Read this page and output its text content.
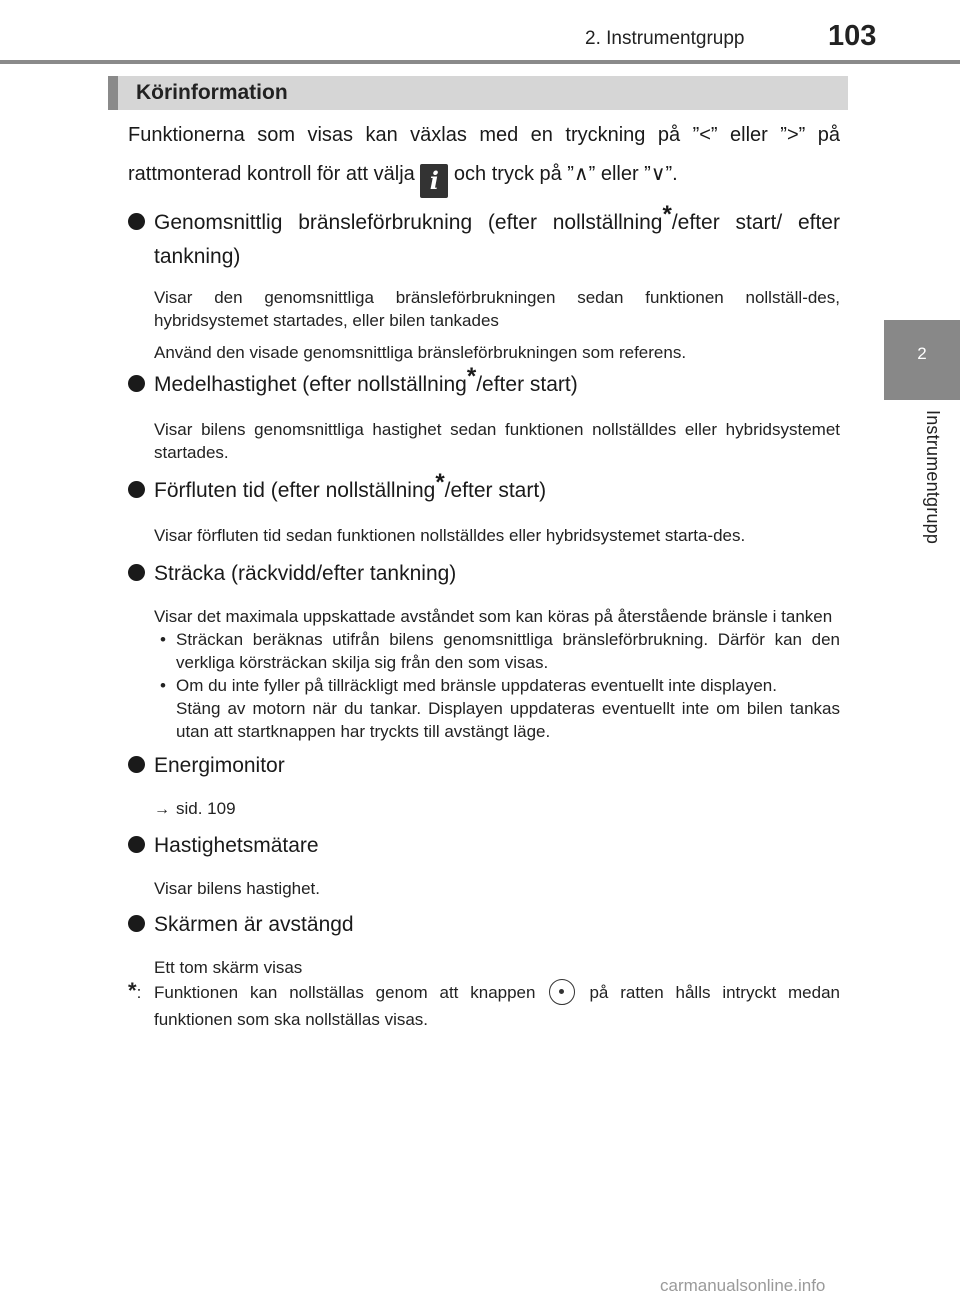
2. Instrumentgrupp	103
2
Instrumentgrupp
Körinformation

Funktionerna som visas kan växlas med en tryckning på ”<” eller ”>” på rattmonterad kontroll för att välja i och tryck på ”∧” eller ”∨”.

Genomsnittlig bränsleförbrukning (efter nollställning*/efter start/ efter tankning)

Visar den genomsnittliga bränsleförbrukningen sedan funktionen nollställ-des, hybridsystemet startades, eller bilen tankades

Använd den visade genomsnittliga bränsleförbrukningen som referens.

Medelhastighet (efter nollställning*/efter start)

Visar bilens genomsnittliga hastighet sedan funktionen nollställdes eller hybridsystemet startades.

Förfluten tid (efter nollställning*/efter start)

Visar förfluten tid sedan funktionen nollställdes eller hybridsystemet starta-des.

Sträcka (räckvidd/efter tankning)

Visar det maximala uppskattade avståndet som kan köras på återstående bränsle i tanken

• Sträckan beräknas utifrån bilens genomsnittliga bränsleförbrukning. Därför kan den verkliga körsträckan skilja sig från den som visas.
• Om du inte fyller på tillräckligt med bränsle uppdateras eventuellt inte displayen.
Stäng av motorn när du tankar. Displayen uppdateras eventuellt inte om bilen tankas utan att startknappen har tryckts till avstängt läge.
Energimonitor

→ sid. 109

Hastighetsmätare

Visar bilens hastighet.

Skärmen är avstängd

Ett tom skärm visas

*: Funktionen kan nollställas genom att knappen	på ratten hålls intryckt medan funktionen som ska nollställas visas.
carmanualsonline.info
